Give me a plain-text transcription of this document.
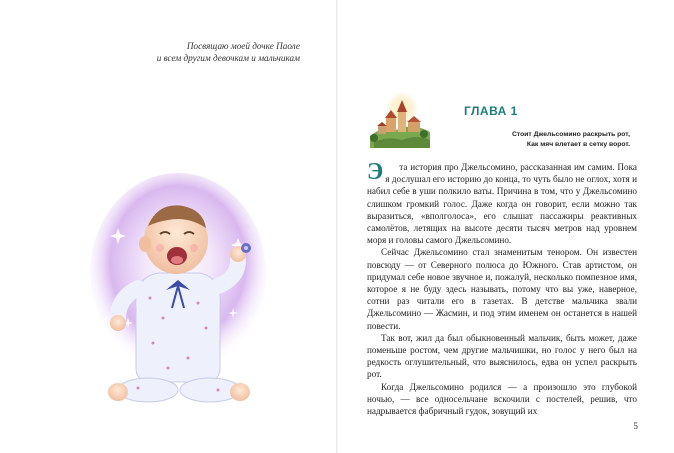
Посвящаю моей дочке Паоле
и всем другим девочкам и мальчикам
ГЛАВА 1
Стоит Джельсомино раскрыть рот,
Как мяч влетает в сетку ворот.

Э та история про Джельсомино, рассказанная им самим. Пока я дослушал его историю до конца, то чуть было не оглох, хотя и набил себе в уши полкило ваты. Причина в том, что у Джельсомино слишком громкий голос. Даже когда он говорит, если можно так выразиться, «вполголоса», его слышат пассажиры реактивных самолётов, летящих на высоте десяти тысяч метров над уровнем моря и головы самого Джельсомино.

Сейчас Джельсомино стал знаменитым тенором. Он известен повсюду — от Северного полюса до Южного. Став артистом, он придумал себе новое звучное и, пожалуй, несколько помпезное имя, которое я не буду здесь называть, потому что вы уже, наверное, сотни раз читали его в газетах. В детстве мальчика звали Джельсомино — Жасмин, и под этим именем он останется в нашей повести.

Так вот, жил да был обыкновенный мальчик, быть может, даже поменьше ростом, чем другие мальчишки, но голос у него был на редкость оглушительный, что выяснилось, едва он успел раскрыть рот.

Когда Джельсомино родился — а произошло это глубокой ночью, — все односельчане вскочили с постелей, решив, что надрывается фабричный гудок, зовущий их

5
